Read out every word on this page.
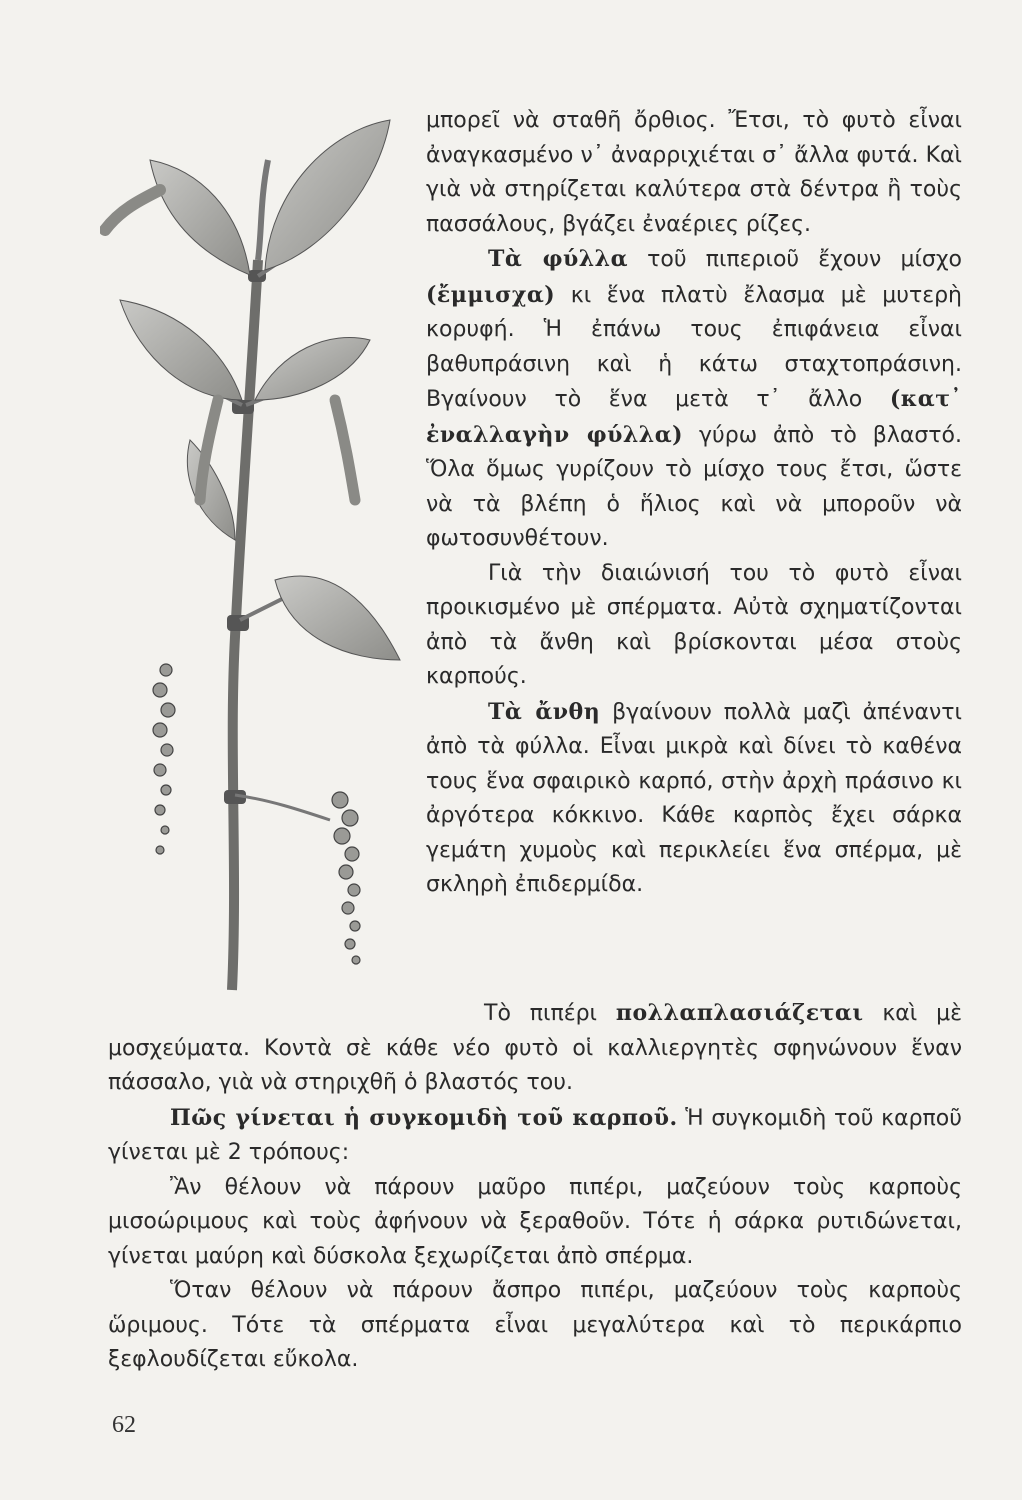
μπορεῖ νὰ σταθῆ ὄρθιος. Ἔτσι, τὸ φυτὸ εἶναι ἀναγκασμένο ν᾽ ἀναρριχιέται σ᾽ ἄλλα φυτά. Καὶ γιὰ νὰ στηρίζεται καλύτερα στὰ δέντρα ἢ τοὺς πασσάλους, βγάζει ἐναέριες ρίζες.

Τὰ φύλλα τοῦ πιπεριοῦ ἔχουν μίσχο (ἔμμισχα) κι ἕνα πλατὺ ἔλασμα μὲ μυτερὴ κορυφή. Ἡ ἐπάνω τους ἐπιφάνεια εἶναι βαθυπράσινη καὶ ἡ κάτω σταχτοπράσινη. Βγαίνουν τὸ ἕνα μετὰ τ᾽ ἄλλο (κατ᾽ ἐναλλαγὴν φύλλα) γύρω ἀπὸ τὸ βλαστό. Ὅλα ὅμως γυρίζουν τὸ μίσχο τους ἔτσι, ὥστε νὰ τὰ βλέπη ὁ ἥλιος καὶ νὰ μποροῦν νὰ φωτοσυνθέτουν.

Γιὰ τὴν διαιώνισή του τὸ φυτὸ εἶναι προικισμένο μὲ σπέρματα. Αὐτὰ σχηματίζονται ἀπὸ τὰ ἄνθη καὶ βρίσκονται μέσα στοὺς καρπούς.

Τὰ ἄνθη βγαίνουν πολλὰ μαζὶ ἀπέναντι ἀπὸ τὰ φύλλα. Εἶναι μικρὰ καὶ δίνει τὸ καθένα τους ἕνα σφαιρικὸ καρπό, στὴν ἀρχὴ πράσινο κι ἀργότερα κόκκινο. Κάθε καρπὸς ἔχει σάρκα γεμάτη χυμοὺς καὶ περικλείει ἕνα σπέρμα, μὲ σκληρὴ ἐπιδερμίδα.

Τὸ πιπέρι πολλαπλασιάζεται καὶ μὲ μοσχεύματα. Κοντὰ σὲ κάθε νέο φυτὸ οἱ καλλιεργητὲς σφηνώνουν ἕναν πάσσαλο, γιὰ νὰ στηριχθῆ ὁ βλαστός του.

Πῶς γίνεται ἡ συγκομιδὴ τοῦ καρποῦ. Ἡ συγκομιδὴ τοῦ καρποῦ γίνεται μὲ 2 τρόπους:

Ἂν θέλουν νὰ πάρουν μαῦρο πιπέρι, μαζεύουν τοὺς καρποὺς μισοώριμους καὶ τοὺς ἀφήνουν νὰ ξεραθοῦν. Τότε ἡ σάρκα ρυτιδώνεται, γίνεται μαύρη καὶ δύσκολα ξεχωρίζεται ἀπὸ σπέρμα.

Ὅταν θέλουν νὰ πάρουν ἄσπρο πιπέρι, μαζεύουν τοὺς καρποὺς ὥριμους. Τότε τὰ σπέρματα εἶναι μεγαλύτερα καὶ τὸ περικάρπιο ξεφλουδίζεται εὔκολα.

62
